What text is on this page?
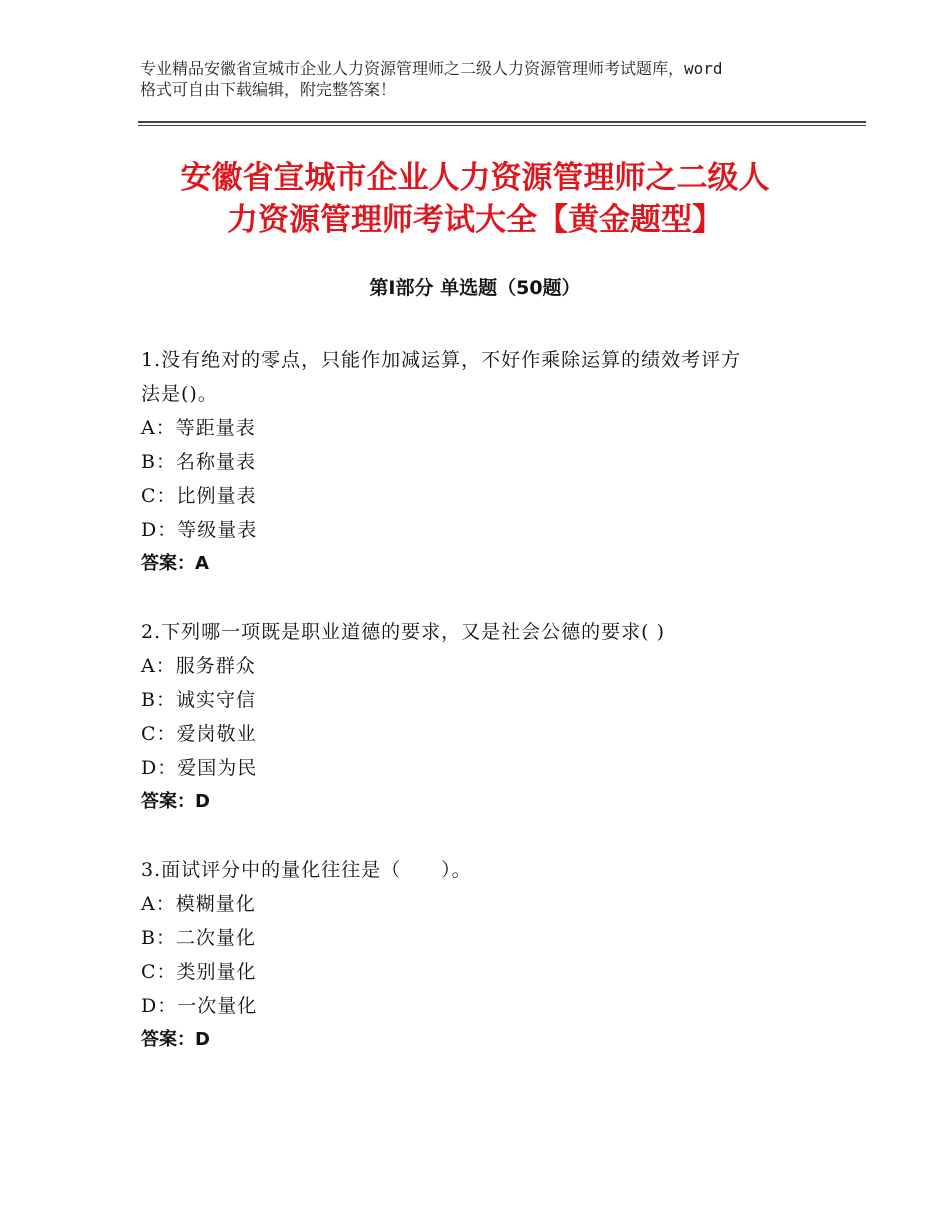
专业精品安徽省宣城市企业人力资源管理师之二级人力资源管理师考试题库，word
格式可自由下载编辑，附完整答案！
安徽省宣城市企业人力资源管理师之二级人
力资源管理师考试大全【黄金题型】
第Ⅰ部分 单选题（50题）
1.没有绝对的零点，只能作加减运算，不好作乘除运算的绩效考评方
法是()。
A：等距量表
B：名称量表
C：比例量表
D：等级量表
答案：A
2.下列哪一项既是职业道德的要求，又是社会公德的要求( )
A：服务群众
B：诚实守信
C：爱岗敬业
D：爱国为民
答案：D
3.面试评分中的量化往往是（　　）。
A：模糊量化
B：二次量化
C：类别量化
D：一次量化
答案：D
